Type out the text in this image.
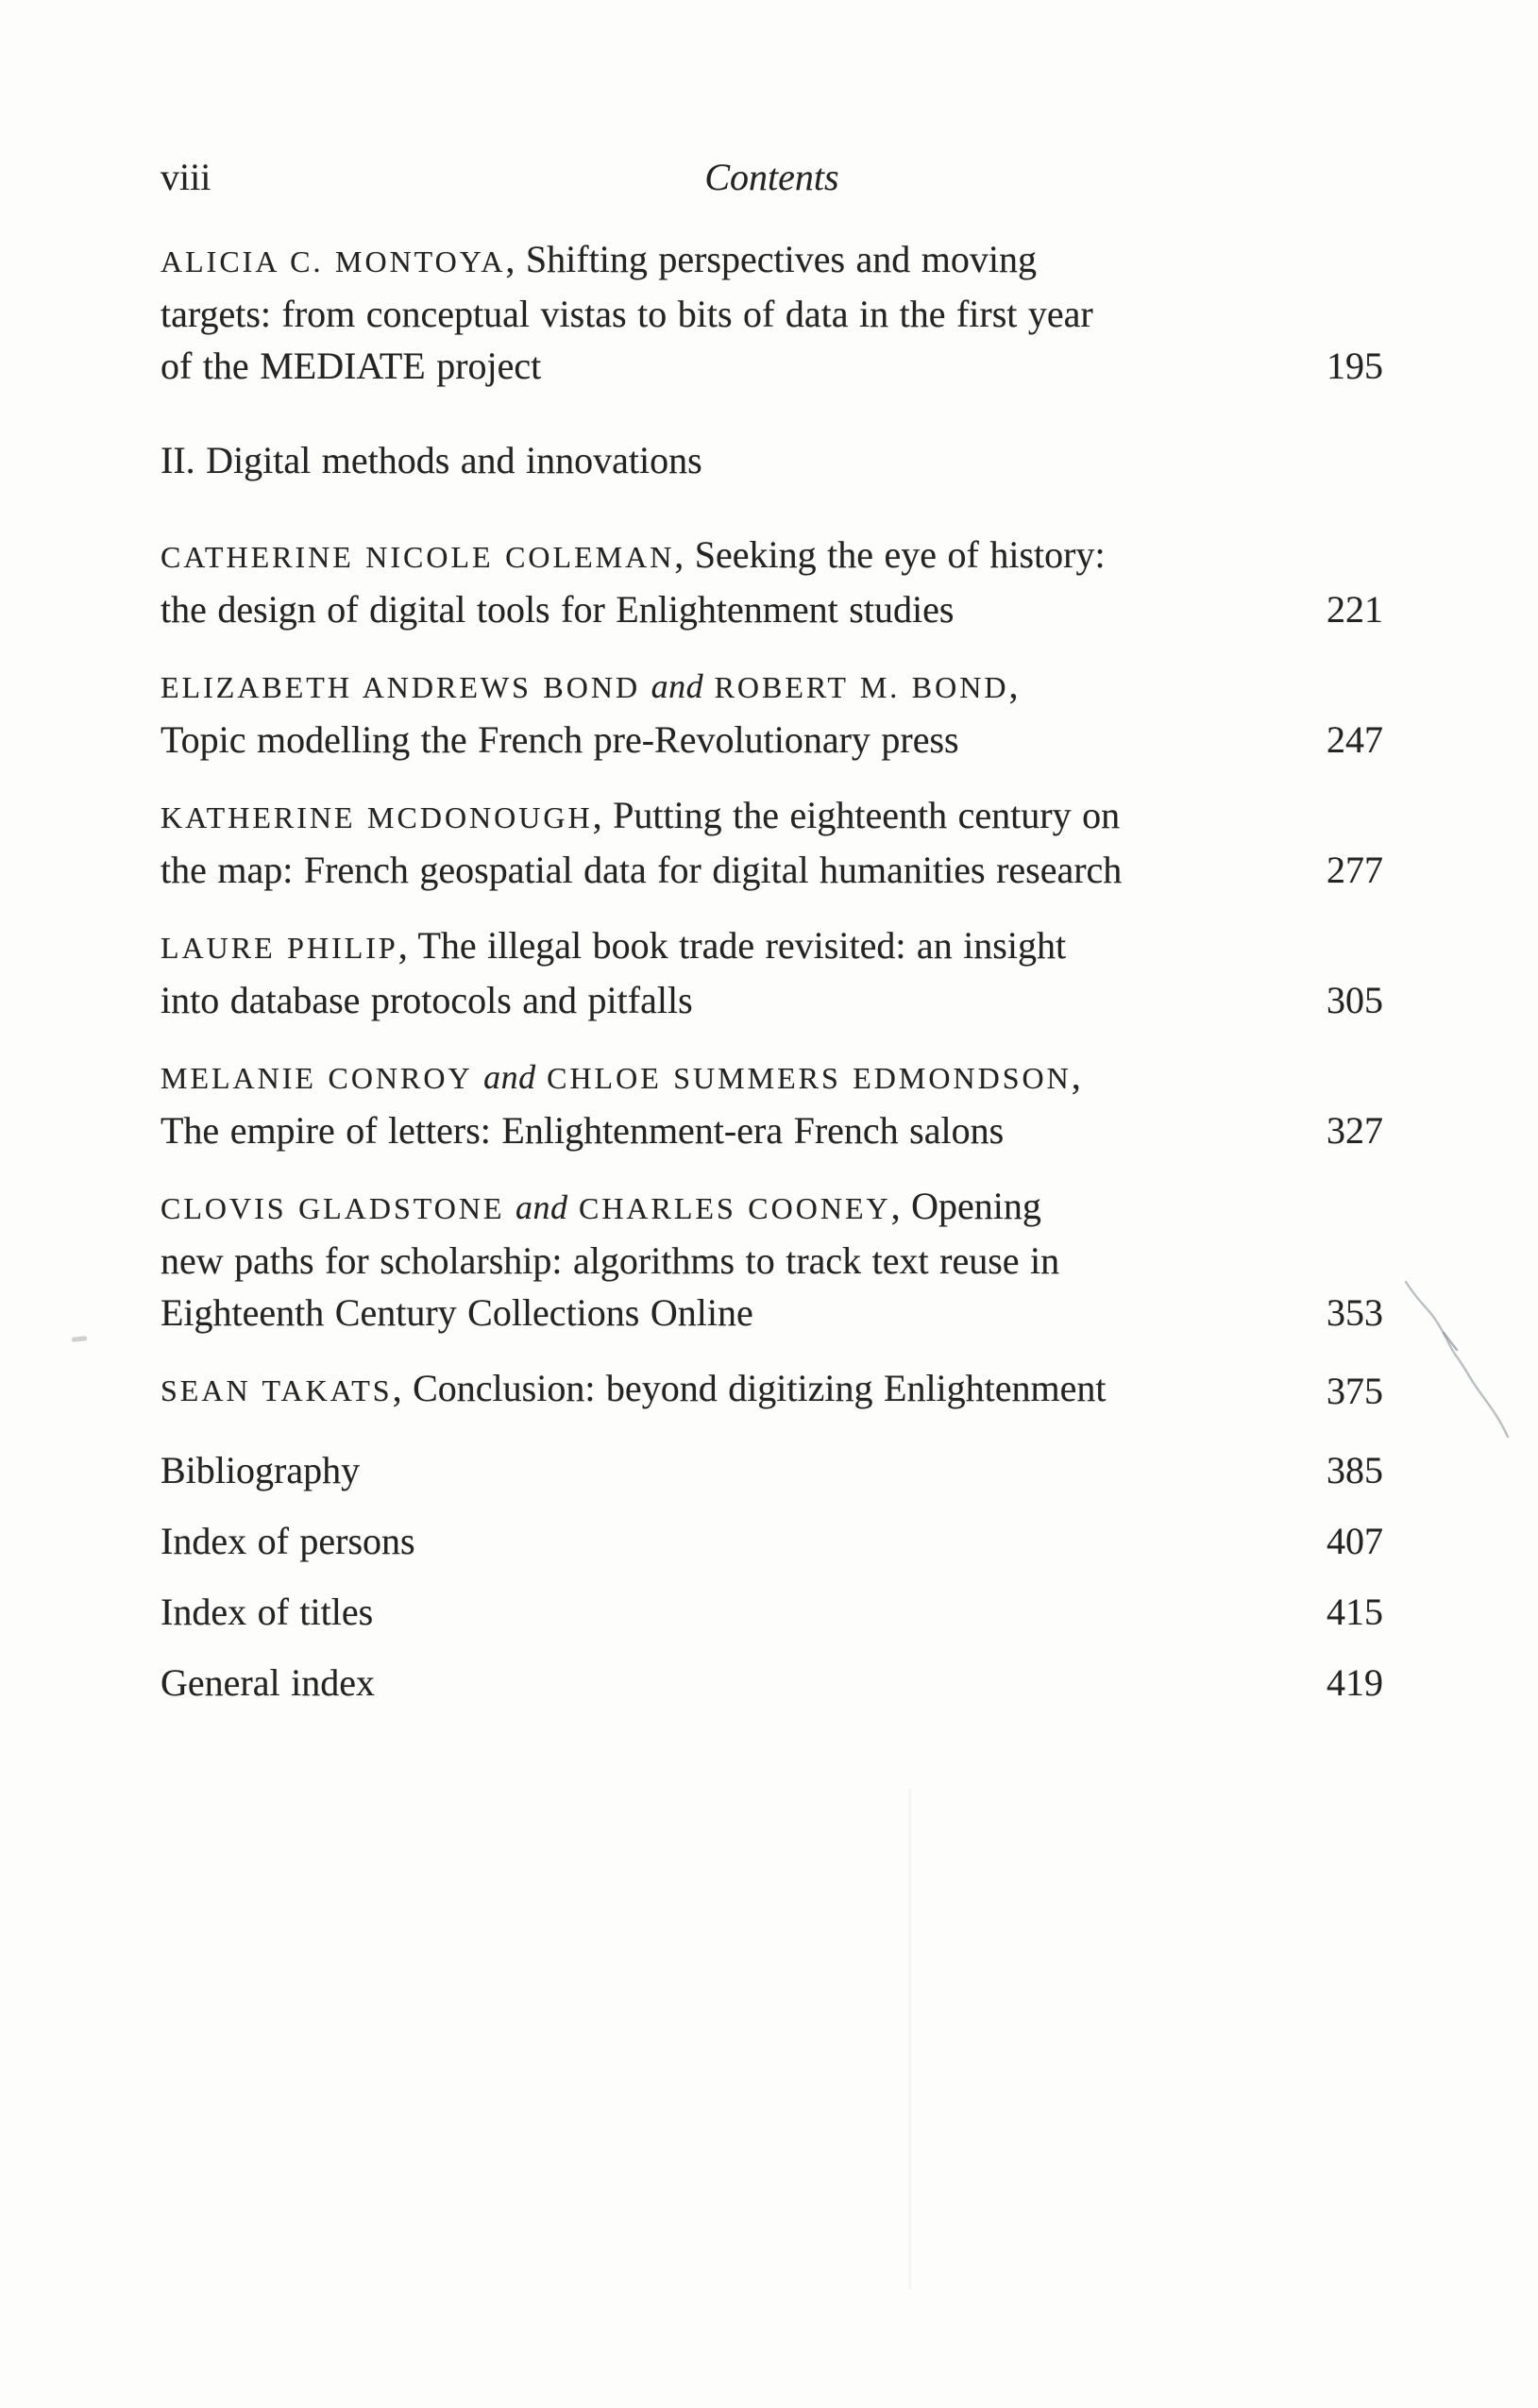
viii	Contents
ALICIA C. MONTOYA, Shifting perspectives and moving
targets: from conceptual vistas to bits of data in the first year
of the MEDIATE project	195
II. Digital methods and innovations
CATHERINE NICOLE COLEMAN, Seeking the eye of history:
the design of digital tools for Enlightenment studies	221
ELIZABETH ANDREWS BOND and ROBERT M. BOND,
Topic modelling the French pre-Revolutionary press	247
KATHERINE MCDONOUGH, Putting the eighteenth century on
the map: French geospatial data for digital humanities research	277
LAURE PHILIP, The illegal book trade revisited: an insight
into database protocols and pitfalls	305
MELANIE CONROY and CHLOE SUMMERS EDMONDSON,
The empire of letters: Enlightenment-era French salons	327
CLOVIS GLADSTONE and CHARLES COONEY, Opening
new paths for scholarship: algorithms to track text reuse in
Eighteenth Century Collections Online	353
SEAN TAKATS, Conclusion: beyond digitizing Enlightenment	375
Bibliography	385
Index of persons	407
Index of titles	415
General index	419
